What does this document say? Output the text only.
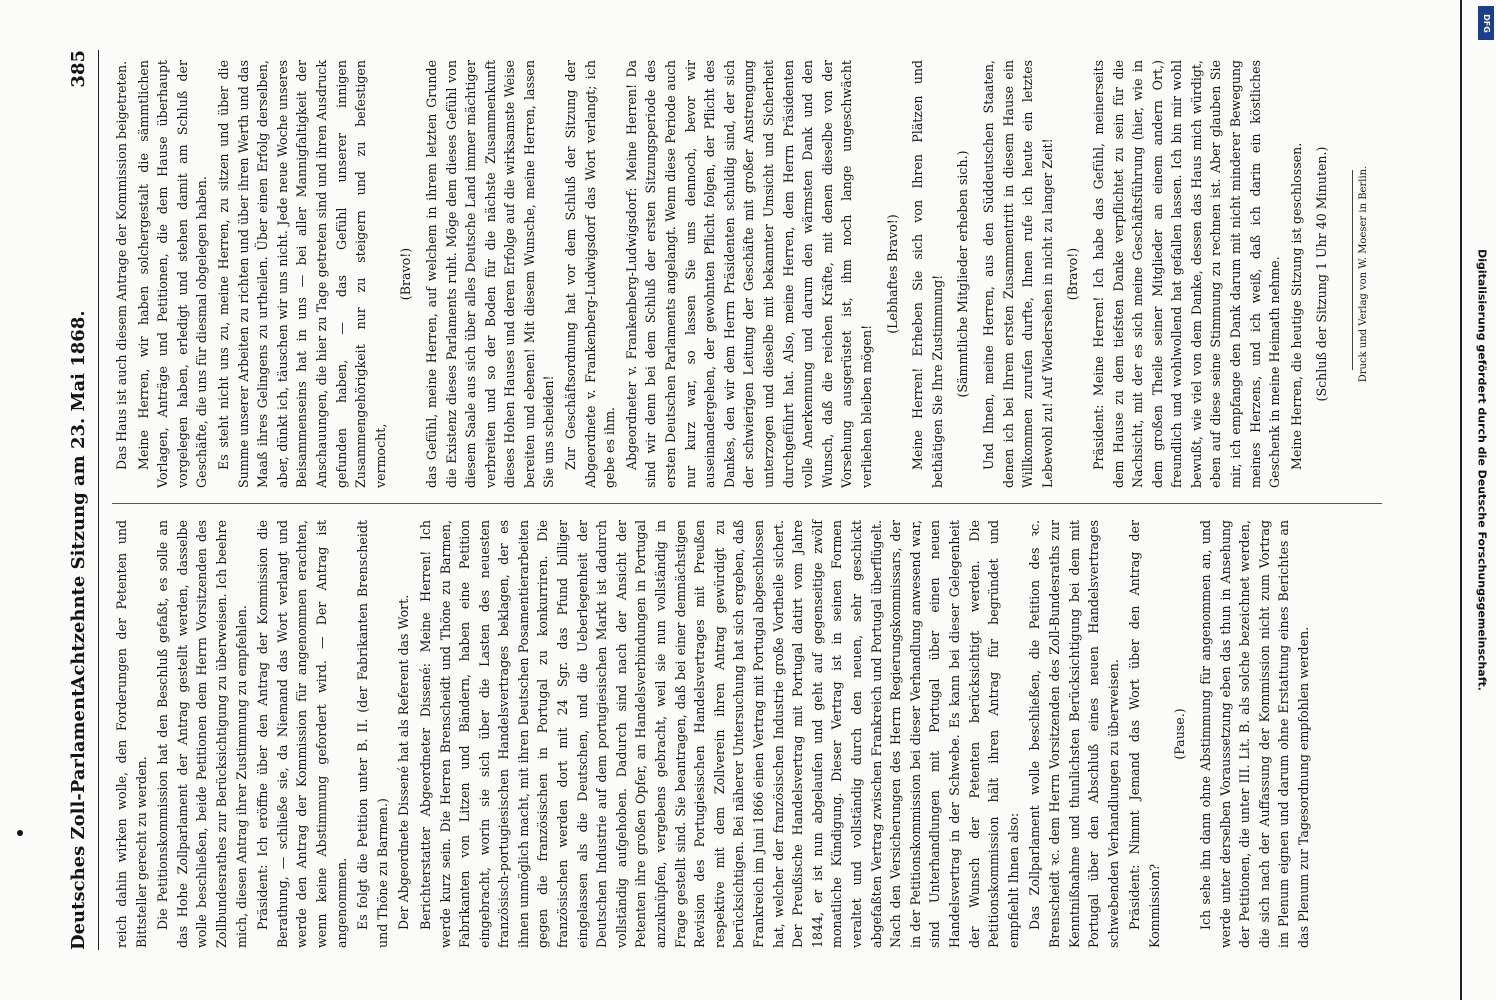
Deutsches Zoll-Parlament.
Achtzehnte Sitzung am 23. Mai 1868.
385

reich dahin wirken wolle, den Forderungen der Petenten und Bittsteller gerecht zu werden. Die Petitionskommission hat den Beschluß gefaßt, es solle an das Hohe Zollparlament der Antrag gestellt werden, dasselbe wolle beschließen, beide Petitionen dem Herrn Vorsitzenden des Zollbundesrathes zur Berücksichtigung zu überweisen. Ich beehre mich, diesen Antrag ihrer Zustimmung zu empfehlen. Präsident: Ich eröffne über den Antrag der Kommission die Berathung, — schließe sie, da Niemand das Wort verlangt und werde den Antrag der Kommission für angenommen erachten, wenn keine Abstimmung gefordert wird. — Der Antrag ist angenommen. Es folgt die Petition unter B. II. (der Fabrikanten Brenscheidt und Thöne zu Barmen.) Der Abgeordnete Dissené hat als Referent das Wort. Berichterstatter Abgeordneter Dissené: Meine Herren! Ich werde kurz sein. Die Herren Brenscheidt und Thöne zu Barmen, Fabrikanten von Litzen und Bändern, haben eine Petition eingebracht, worin sie sich über die Lasten des neuesten französisch-portugiesischen Handelsvertrages beklagen, der es ihnen unmöglich macht, mit ihren Deutschen Posamentierarbeiten gegen die französischen in Portugal zu konkurriren. Die französischen werden dort mit 24 Sgr. das Pfund billiger eingelassen als die Deutschen, und die Ueberlegenheit der Deutschen Industrie auf dem portugiesischen Markt ist dadurch vollständig aufgehoben. Dadurch sind nach der Ansicht der Petenten ihre großen Opfer, an Handelsverbindungen in Portugal anzuknüpfen, vergebens gebracht, weil sie nun vollständig in Frage gestellt sind. Sie beantragen, daß bei einer demnächstigen Revision des Portugiesischen Handelsvertrages mit Preußen respektive mit dem Zollverein ihren Antrag gewürdigt zu berücksichtigen. Bei näherer Untersuchung hat sich ergeben, daß Frankreich im Juni 1866 einen Vertrag mit Portugal abgeschlossen hat, welcher der französischen Industrie große Vortheile sichert. Der Preußische Handelsvertrag mit Portugal datirt vom Jahre 1844, er ist nun abgelaufen und geht auf gegenseitige zwölf monatliche Kündigung. Dieser Vertrag ist in seinen Formen veraltet und vollständig durch den neuen, sehr geschickt abgefaßten Vertrag zwischen Frankreich und Portugal überflügelt. Nach den Versicherungen des Herrn Regierungskommissars, der in der Petitionskommission bei dieser Verhandlung anwesend war, sind Unterhandlungen mit Portugal über einen neuen Handelsvertrag in der Schwebe. Es kann bei dieser Gelegenheit der Wunsch der Petenten berücksichtigt werden. Die Petitionskommission hält ihren Antrag für begründet und empfiehlt Ihnen also: Das Zollparlament wolle beschließen, die Petition des ꝛc. Brenscheidt ꝛc. dem Herrn Vorsitzenden des Zoll-Bundesraths zur Kenntnißnahme und thunlichsten Berücksichtigung bei dem mit Portugal über den Abschluß eines neuen Handelsvertrages schwebenden Verhandlungen zu überweisen. Präsident: Nimmt Jemand das Wort über den Antrag der Kommission?

(Pause.) Ich sehe ihn dann ohne Abstimmung für angenommen an, und werde unter derselben Voraussetzung eben das thun in Ansehung der Petitionen, die unter III. Lit. B. als solche bezeichnet werden, die sich nach der Auffassung der Kommission nicht zum Vortrag im Plenum eignen und darum ohne Erstattung eines Berichtes an das Plenum zur Tagesordnung empfohlen werden.

Das Haus ist auch diesem Antrage der Kommission beigetreten. Meine Herren, wir haben solchergestalt die sämmtlichen Vorlagen, Anträge und Petitionen, die dem Hause überhaupt vorgelegen haben, erledigt und stehen damit am Schluß der Geschäfte, die uns für diesmal obgelegen haben. Es steht nicht uns zu, meine Herren, zu sitzen und über die Summe unserer Arbeiten zu richten und über ihren Werth und das Maaß ihres Gelingens zu urtheilen. Über einen Erfolg derselben, aber, dünkt ich, täuschen wir uns nicht. Jede neue Woche unseres Beisammenseins hat in uns — bei aller Mannigfaltigkeit der Anschauungen, die hier zu Tage getreten sind und ihren Ausdruck gefunden haben, — das Gefühl unserer innigen Zusammengehörigkeit nur zu steigern und zu befestigen vermocht,

(Bravo!) das Gefühl, meine Herren, auf welchem in ihrem letzten Grunde die Existenz dieses Parlaments ruht. Möge dem dieses Gefühl von diesem Saale aus sich über alles Deutsche Land immer mächtiger verbreiten und so der Boden für die nächste Zusammenkunft dieses Hohen Hauses und deren Erfolge auf die wirksamste Weise bereiten und ebenen! Mit diesem Wunsche, meine Herren, lassen Sie uns scheiden! Zur Geschäftsordnung hat vor dem Schluß der Sitzung der Abgeordnete v. Frankenberg-Ludwigsdorf das Wort verlangt; ich gebe es ihm. Abgeordneter v. Frankenberg-Ludwigsdorf: Meine Herren! Da sind wir denn bei dem Schluß der ersten Sitzungsperiode des ersten Deutschen Parlaments angelangt. Wenn diese Periode auch nur kurz war, so lassen Sie uns dennoch, bevor wir auseinandergehen, der gewohnten Pflicht folgen, der Pflicht des Dankes, den wir dem Herrn Präsidenten schuldig sind, der sich der schwierigen Leitung der Geschäfte mit großer Anstrengung unterzogen und dieselbe mit bekannter Umsicht und Sicherheit durchgeführt hat. Also, meine Herren, dem Herrn Präsidenten volle Anerkennung und darum den wärmsten Dank und den Wunsch, daß die reichen Kräfte, mit denen dieselbe von der Vorsehung ausgerüstet ist, ihm noch lange ungeschwächt verliehen bleiben mögen!

(Lebhaftes Bravo!) Meine Herren! Erheben Sie sich von Ihren Plätzen und bethätigen Sie Ihre Zustimmung! (Sämmtliche Mitglieder erheben sich.) Und Ihnen, meine Herren, aus den Süddeutschen Staaten, denen ich bei Ihrem ersten Zusammentritt in diesem Hause ein Willkommen zurufen durfte, Ihnen rufe ich heute ein letztes Lebewohl zu! Auf Wiedersehen in nicht zu langer Zeit! (Bravo!) Präsident: Meine Herren! Ich habe das Gefühl, meinerseits dem Hause zu dem tiefsten Danke verpflichtet zu sein für die Nachsicht, mit der es sich meine Geschäftsführung (hier, wie in dem großen Theile seiner Mitglieder an einem andern Ort,) freundlich und wohlwollend hat gefallen lassen. Ich bin mir wohl bewußt, wie viel von dem Danke, dessen das Haus mich würdigt, eben auf diese seine Stimmung zu rechnen ist. Aber glauben Sie mir, ich empfange den Dank darum mit nicht minderer Bewegung meines Herzens, und ich weiß, daß ich darin ein köstliches Geschenk in meine Heimath nehme. Meine Herren, die heutige Sitzung ist geschlossen. (Schluß der Sitzung 1 Uhr 40 Minuten.)	Druck und Verlag von W. Moeser in Berlin.	Digitalisierung gefördert durch die Deutsche Forschungsgemeinschaft.
DFG
